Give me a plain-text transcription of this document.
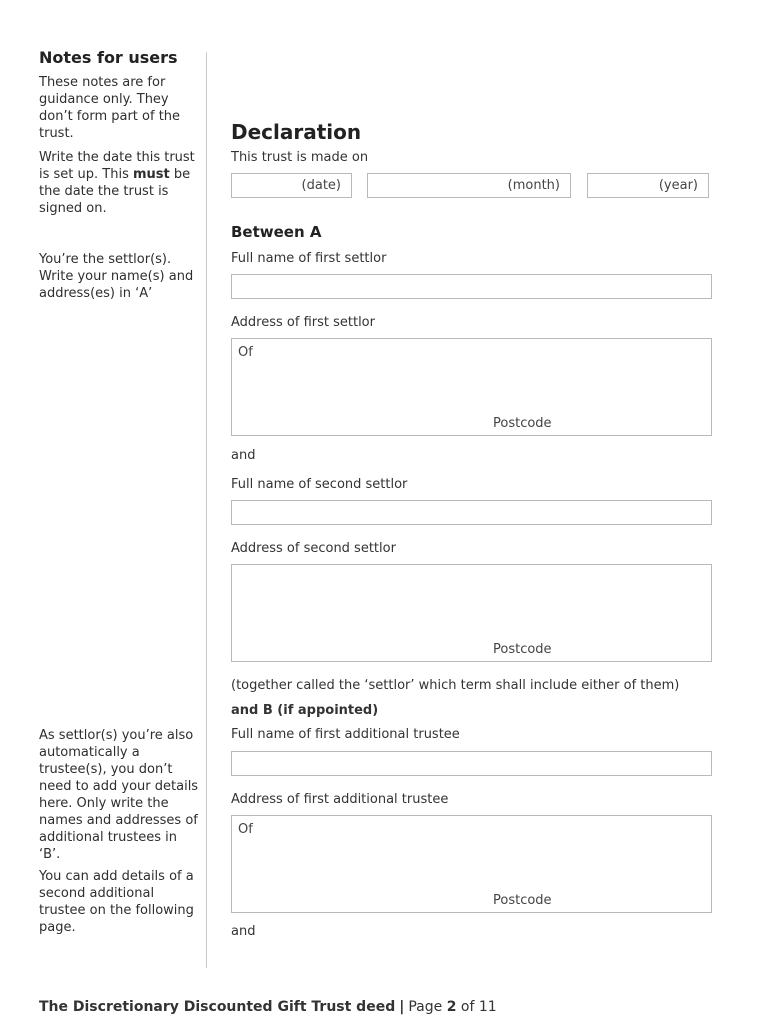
Notes for users

These notes are for guidance only. They don’t form part of the trust.

Write the date this trust is set up. This must be the date the trust is signed on.

You’re the settlor(s). Write your name(s) and address(es) in ‘A’

As settlor(s) you’re also automatically a trustee(s), you don’t need to add your details here. Only write the names and addresses of additional trustees in ‘B’.

You can add details of a second additional trustee on the following page.

Declaration
This trust is made on
(date)	(month)	(year)
Between A
Full name of first settlor
Address of first settlor
Of
Postcode
and
Full name of second settlor
Address of second settlor
Postcode
(together called the ‘settlor’ which term shall include either of them)
and B (if appointed)
Full name of first additional trustee
Address of first additional trustee
Of
Postcode
and
The Discretionary Discounted Gift Trust deed | Page 2 of 11
